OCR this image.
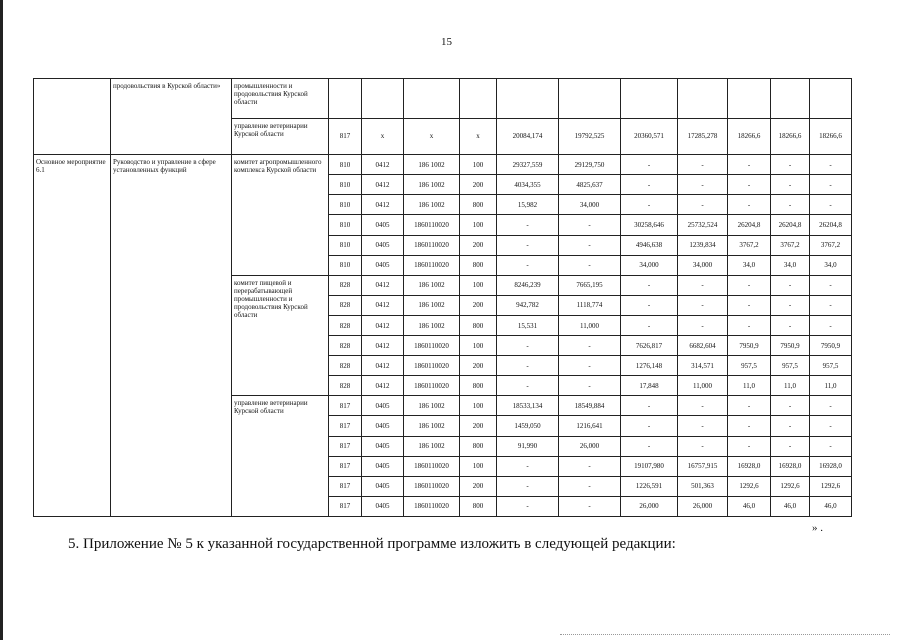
15
	продовольствия в Курской области»	промышленности и продовольствия Курской области											
		управление ветеринарии Курской области	817	x	x	x	20084,174	19792,525	20360,571	17285,278	18266,6	18266,6	18266,6
Основное мероприятие 6.1	Руководство и управление в сфере установленных функций	комитет агропромышленного комплекса Курской области	810	0412	186 1002	100	29327,559	29129,750	-	-	-	-	-
			810	0412	186 1002	200	4034,355	4825,637	-	-	-	-	-
			810	0412	186 1002	800	15,982	34,000	-	-	-	-	-
			810	0405	1860110020	100	-	-	30258,646	25732,524	26204,8	26204,8	26204,8
			810	0405	1860110020	200	-	-	4946,638	1239,834	3767,2	3767,2	3767,2
			810	0405	1860110020	800	-	-	34,000	34,000	34,0	34,0	34,0
		комитет пищевой и перерабатывающей промышленности и продовольствия Курской области	828	0412	186 1002	100	8246,239	7665,195	-	-	-	-	-
			828	0412	186 1002	200	942,782	1118,774	-	-	-	-	-
			828	0412	186 1002	800	15,531	11,000	-	-	-	-	-
			828	0412	1860110020	100	-	-	7626,817	6682,604	7950,9	7950,9	7950,9
			828	0412	1860110020	200	-	-	1276,148	314,571	957,5	957,5	957,5
			828	0412	1860110020	800	-	-	17,848	11,000	11,0	11,0	11,0
		управление ветеринарии Курской области	817	0405	186 1002	100	18533,134	18549,884	-	-	-	-	-
			817	0405	186 1002	200	1459,050	1216,641	-	-	-	-	-
			817	0405	186 1002	800	91,990	26,000	-	-	-	-	-
			817	0405	1860110020	100	-	-	19107,980	16757,915	16928,0	16928,0	16928,0
			817	0405	1860110020	200	-	-	1226,591	501,363	1292,6	1292,6	1292,6
			817	0405	1860110020	800	-	-	26,000	26,000	46,0	46,0	46,0
» .
5. Приложение № 5 к указанной государственной программе изложить в следующей редакции:
